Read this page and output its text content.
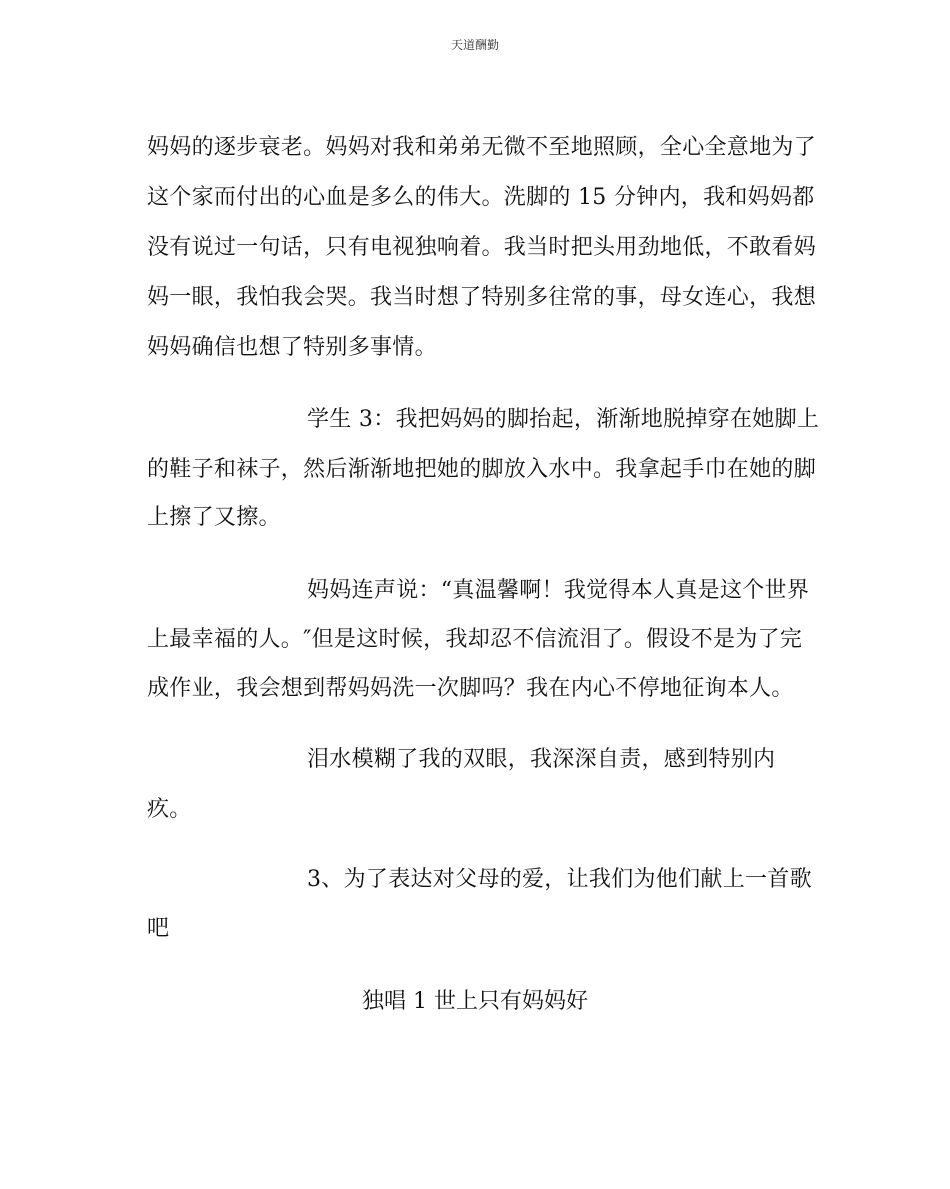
天道酬勤
妈妈的逐步衰老。妈妈对我和弟弟无微不至地照顾，全心全意地为了
这个家而付出的心血是多么的伟大。洗脚的 15 分钟内，我和妈妈都
没有说过一句话，只有电视独响着。我当时把头用劲地低，不敢看妈
妈一眼，我怕我会哭。我当时想了特别多往常的事，母女连心，我想
妈妈确信也想了特别多事情。
学生 3：我把妈妈的脚抬起，渐渐地脱掉穿在她脚上
的鞋子和袜子，然后渐渐地把她的脚放入水中。我拿起手巾在她的脚
上擦了又擦。
妈妈连声说：“真温馨啊！我觉得本人真是这个世界
上最幸福的人。″但是这时候，我却忍不信流泪了。假设不是为了完
成作业，我会想到帮妈妈洗一次脚吗？我在内心不停地征询本人。
泪水模糊了我的双眼，我深深自责，感到特别内
疚。
3、为了表达对父母的爱，让我们为他们献上一首歌
吧
独唱 1 世上只有妈妈好
